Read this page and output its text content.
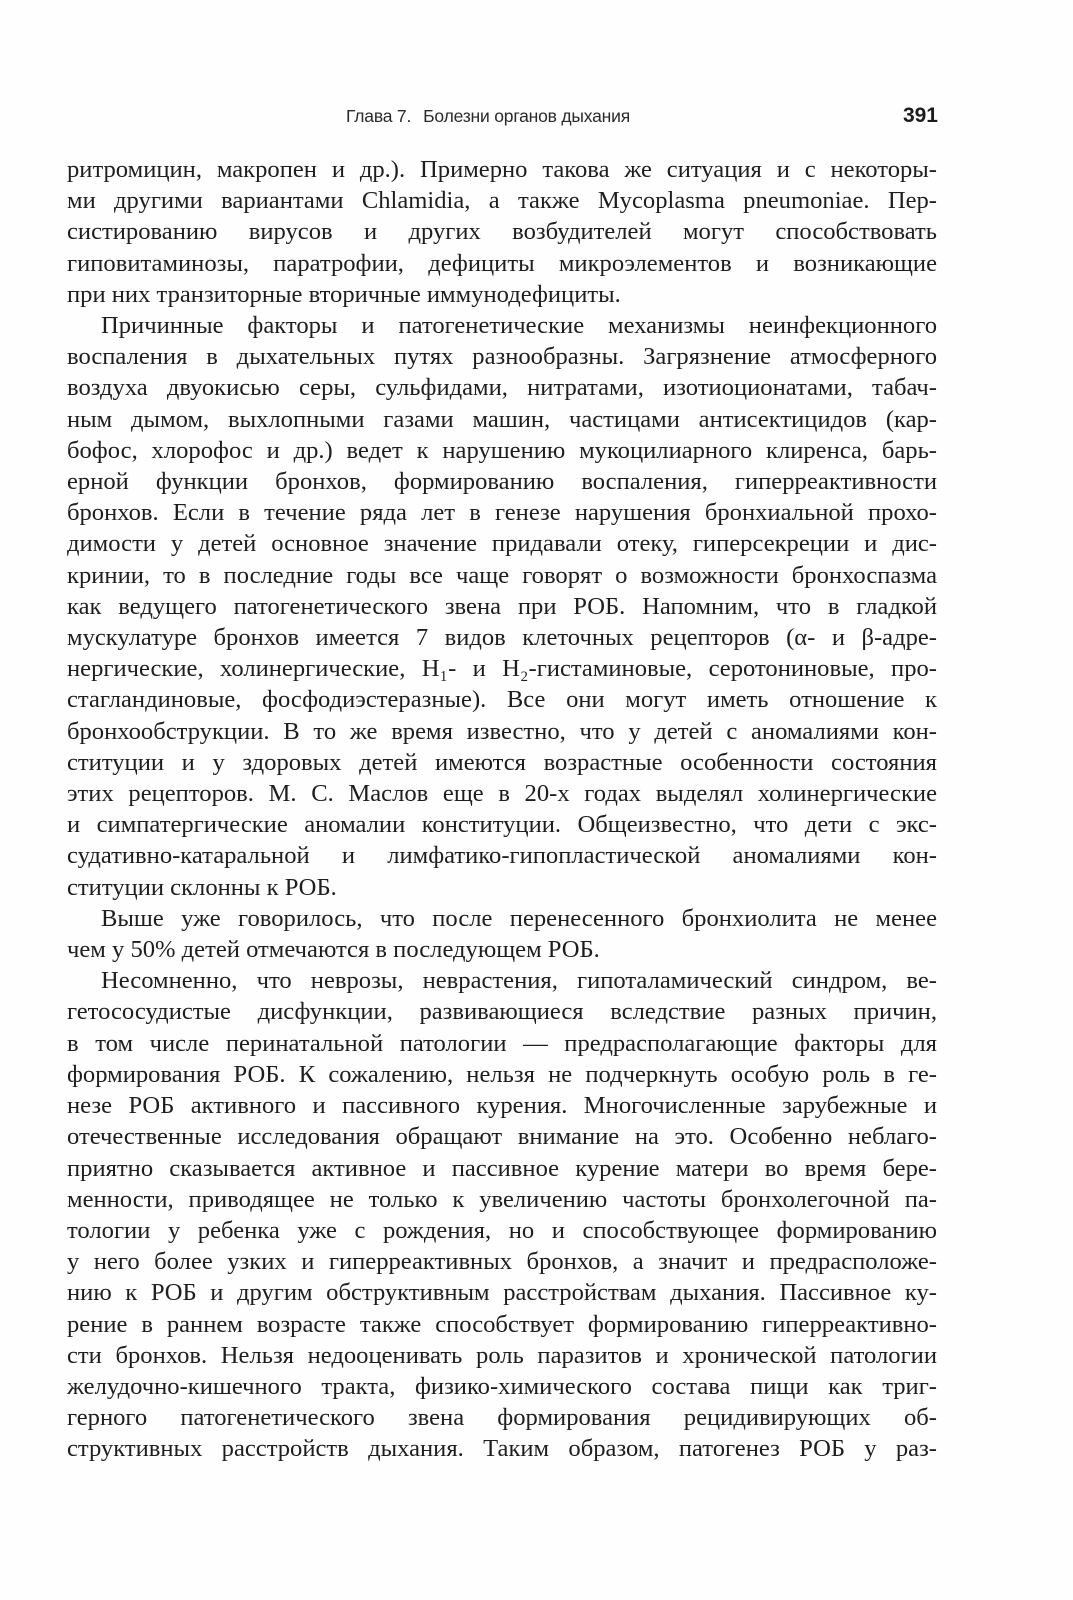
Глава 7. Болезни органов дыхания	391

ритромицин, макропен и др.). Примерно такова же ситуация и с некоторы-

ми другими вариантами Chlamidia, а также Mycoplasma pneumoniae. Пер-

систированию вирусов и других возбудителей могут способствовать

гиповитаминозы, паратрофии, дефициты микроэлементов и возникающие

при них транзиторные вторичные иммунодефициты.

Причинные факторы и патогенетические механизмы неинфекционного

воспаления в дыхательных путях разнообразны. Загрязнение атмосферного

воздуха двуокисью серы, сульфидами, нитратами, изотиоционатами, табач-

ным дымом, выхлопными газами машин, частицами антисектицидов (кар-

бофос, хлорофос и др.) ведет к нарушению мукоцилиарного клиренса, барь-

ерной функции бронхов, формированию воспаления, гиперреактивности

бронхов. Если в течение ряда лет в генезе нарушения бронхиальной прохо-

димости у детей основное значение придавали отеку, гиперсекреции и дис-

кринии, то в последние годы все чаще говорят о возможности бронхоспазма

как ведущего патогенетического звена при РОБ. Напомним, что в гладкой

мускулатуре бронхов имеется 7 видов клеточных рецепторов (α- и β-адре-

нергические, холинергические, H₁- и H₂-гистаминовые, серотониновые, про-

стагландиновые, фосфодиэстеразные). Все они могут иметь отношение к

бронхообструкции. В то же время известно, что у детей с аномалиями кон-

ституции и у здоровых детей имеются возрастные особенности состояния

этих рецепторов. М. С. Маслов еще в 20-х годах выделял холинергические

и симпатергические аномалии конституции. Общеизвестно, что дети с экс-

судативно-катаральной и лимфатико-гипопластической аномалиями кон-

ституции склонны к РОБ.

Выше уже говорилось, что после перенесенного бронхиолита не менее

чем у 50% детей отмечаются в последующем РОБ.

Несомненно, что неврозы, неврастения, гипоталамический синдром, ве-

гетососудистые дисфункции, развивающиеся вследствие разных причин,

в том числе перинатальной патологии — предрасполагающие факторы для

формирования РОБ. К сожалению, нельзя не подчеркнуть особую роль в ге-

незе РОБ активного и пассивного курения. Многочисленные зарубежные и

отечественные исследования обращают внимание на это. Особенно неблаго-

приятно сказывается активное и пассивное курение матери во время бере-

менности, приводящее не только к увеличению частоты бронхолегочной па-

тологии у ребенка уже с рождения, но и способствующее формированию

у него более узких и гиперреактивных бронхов, а значит и предрасположе-

нию к РОБ и другим обструктивным расстройствам дыхания. Пассивное ку-

рение в раннем возрасте также способствует формированию гиперреактивно-

сти бронхов. Нельзя недооценивать роль паразитов и хронической патологии

желудочно-кишечного тракта, физико-химического состава пищи как триг-

герного патогенетического звена формирования рецидивирующих об-

структивных расстройств дыхания. Таким образом, патогенез РОБ у раз-
